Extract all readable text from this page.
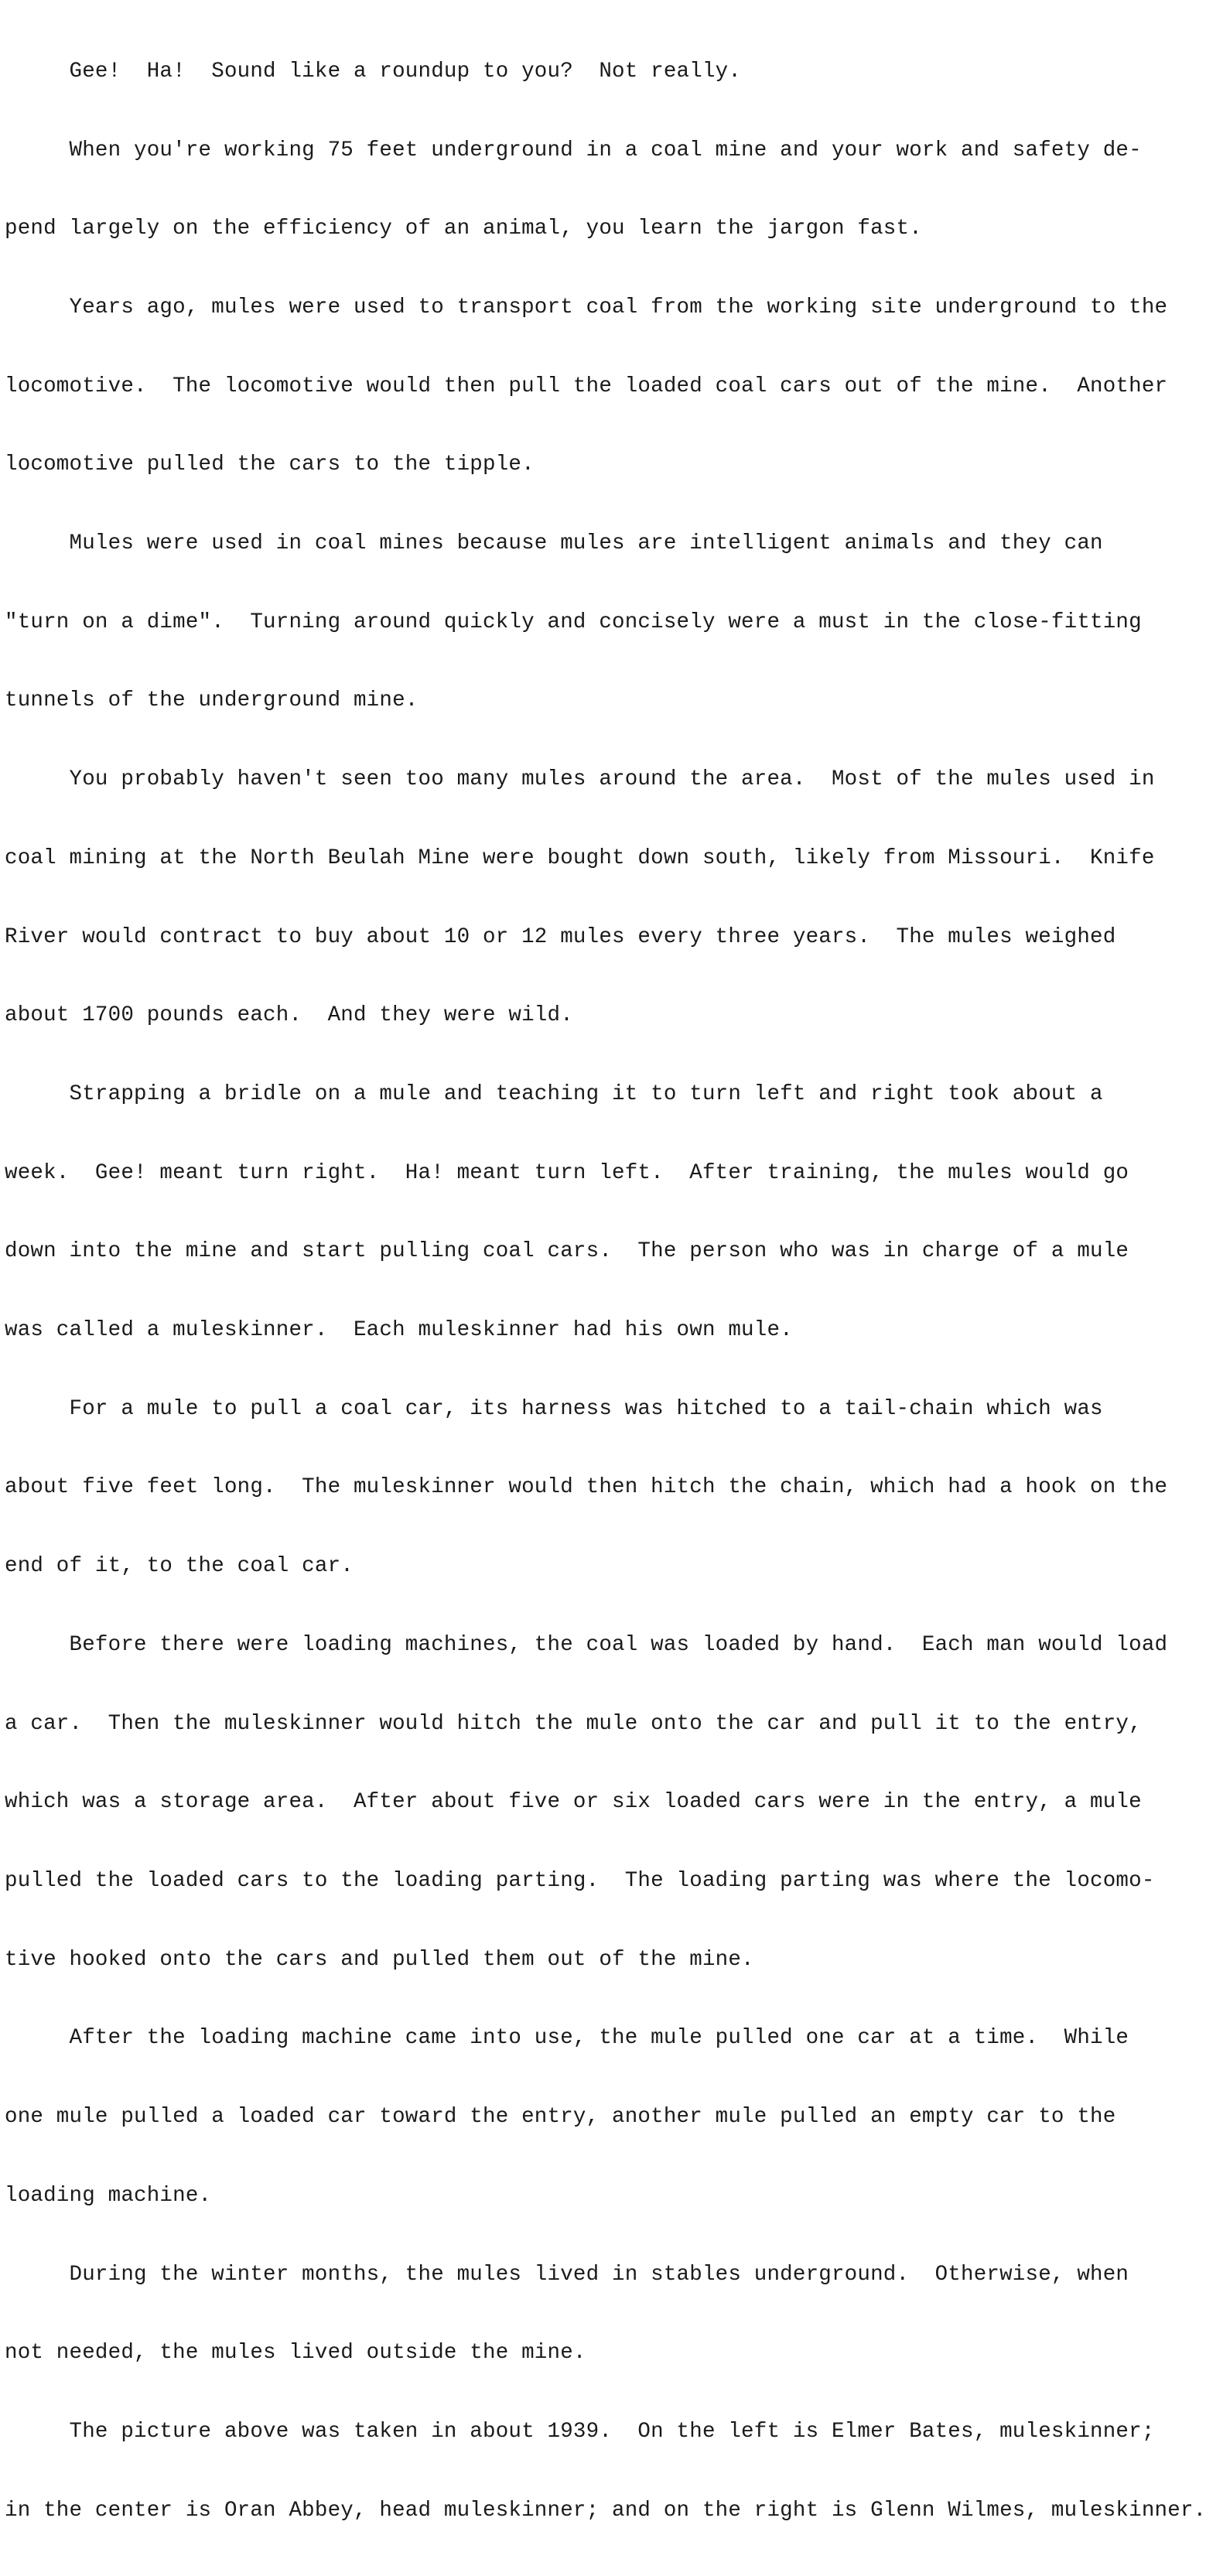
Gee!  Ha!  Sound like a roundup to you?  Not really.

When you're working 75 feet underground in a coal mine and your work and safety de-

pend largely on the efficiency of an animal, you learn the jargon fast.

Years ago, mules were used to transport coal from the working site underground to the

locomotive.  The locomotive would then pull the loaded coal cars out of the mine.  Another

locomotive pulled the cars to the tipple.

Mules were used in coal mines because mules are intelligent animals and they can

"turn on a dime".  Turning around quickly and concisely were a must in the close-fitting

tunnels of the underground mine.

You probably haven't seen too many mules around the area.  Most of the mules used in

coal mining at the North Beulah Mine were bought down south, likely from Missouri.  Knife

River would contract to buy about 10 or 12 mules every three years.  The mules weighed

about 1700 pounds each.  And they were wild.

Strapping a bridle on a mule and teaching it to turn left and right took about a

week.  Gee! meant turn right.  Ha! meant turn left.  After training, the mules would go

down into the mine and start pulling coal cars.  The person who was in charge of a mule

was called a muleskinner.  Each muleskinner had his own mule.

For a mule to pull a coal car, its harness was hitched to a tail-chain which was

about five feet long.  The muleskinner would then hitch the chain, which had a hook on the

end of it, to the coal car.

Before there were loading machines, the coal was loaded by hand.  Each man would load

a car.  Then the muleskinner would hitch the mule onto the car and pull it to the entry,

which was a storage area.  After about five or six loaded cars were in the entry, a mule

pulled the loaded cars to the loading parting.  The loading parting was where the locomo-

tive hooked onto the cars and pulled them out of the mine.

After the loading machine came into use, the mule pulled one car at a time.  While

one mule pulled a loaded car toward the entry, another mule pulled an empty car to the

loading machine.

During the winter months, the mules lived in stables underground.  Otherwise, when

not needed, the mules lived outside the mine.

The picture above was taken in about 1939.  On the left is Elmer Bates, muleskinner;

in the center is Oran Abbey, head muleskinner; and on the right is Glenn Wilmes, muleskinner.
